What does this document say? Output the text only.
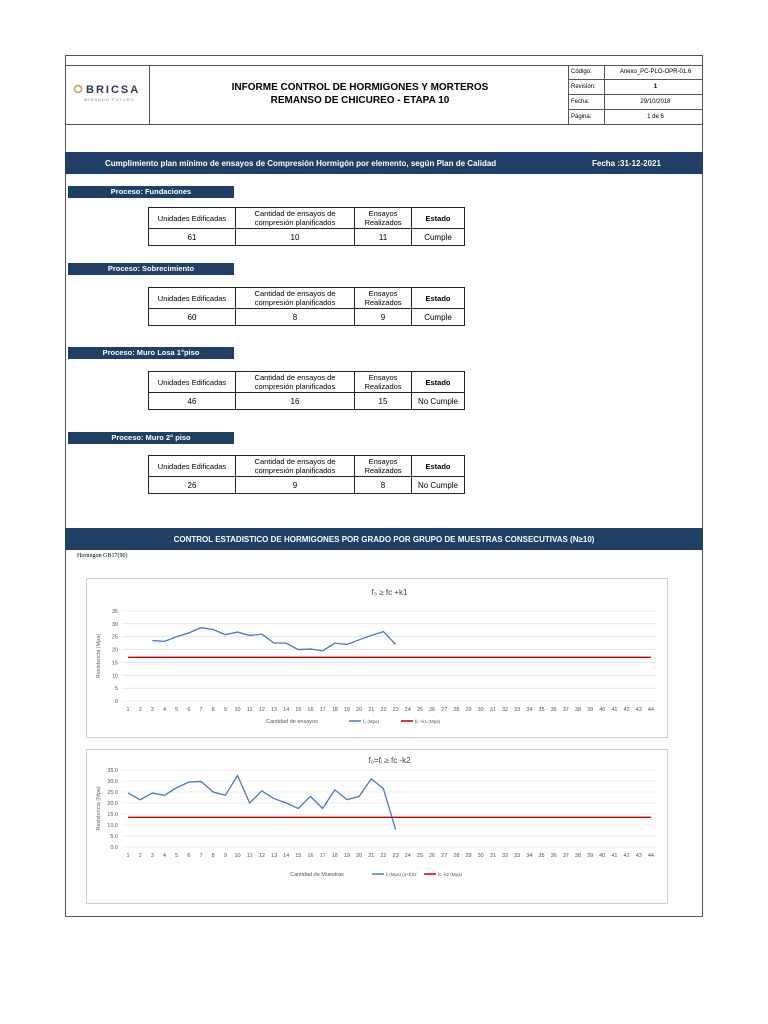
BRICSA
MIRANDO FUTURO
INFORME CONTROL DE HORMIGONES Y MORTEROS
REMANSO DE CHICUREO - ETAPA 10
Código:	Anexo_PC-PLO-OPR-01.6
Revisión:	1
Fecha:	29/10/2018
Página:	1 de 6
Cumplimiento plan mínimo de ensayos de Compresión Hormigón por elemento, según Plan de Calidad	Fecha :31-12-2021
Proceso: Fundaciones
Unidades Edificadas	Cantidad de ensayos de compresión planificados	Ensayos Realizados	Estado
61	10	11	Cumple
Proceso: Sobrecimiento
Unidades Edificadas	Cantidad de ensayos de compresión planificados	Ensayos Realizados	Estado
60	8	9	Cumple
Proceso: Muro Losa 1°piso
Unidades Edificadas	Cantidad de ensayos de compresión planificados	Ensayos Realizados	Estado
46	16	15	No Cumple
Proceso: Muro 2° piso
Unidades Edificadas	Cantidad de ensayos de compresión planificados	Ensayos Realizados	Estado
26	9	8	No Cumple
CONTROL ESTADISTICO DE HORMIGONES POR GRADO POR GRUPO DE MUESTRAS CONSECUTIVAS (N≥10)
Hormigon GB17(90)
f₃ ≥ fc +k1
0
5
10
15
20
25
30
35
1 2 3 4 5 6 7 8 9 10 11 12 13 14 15 16 17 18 19 20 21 22 23 24 25 26 27 28 29 30 31 32 33 34 35 36 37 38 39 40 41 42 43 44
Resistencia (Mpa)
Cantidad de ensayos	f₃ (Mpa)	fc +k1 (Mpa)
f₀=fᵢ ≥ fc -k2
0.0
5.0
10.0
15.0
20.0
25.0
30.0
35.0
1 2 3 4 5 6 7 8 9 10 11 12 13 14 15 16 17 18 19 20 21 22 23 24 25 26 27 28 29 30 31 32 33 34 35 36 37 38 39 40 41 42 43 44
Resistencia (Mpa)
Cantidad de Muestras	fᵢ (Mpa) (a+b)/2	fc -k2 (Mpa)
